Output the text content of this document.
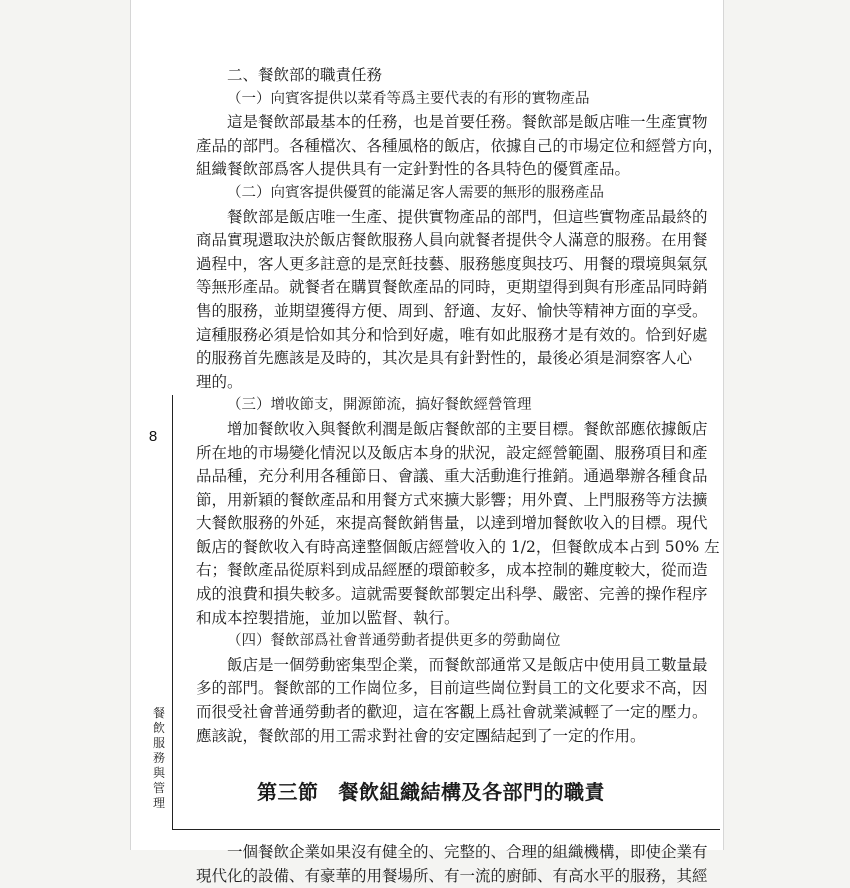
8
餐飲服務與管理
二、餐飲部的職責任務
（一）向賓客提供以菜肴等爲主要代表的有形的實物產品
這是餐飲部最基本的任務，也是首要任務。餐飲部是飯店唯一生產實物
產品的部門。各種檔次、各種風格的飯店，依據自己的市場定位和經營方向，
組織餐飲部爲客人提供具有一定針對性的各具特色的優質產品。
（二）向賓客提供優質的能滿足客人需要的無形的服務產品
餐飲部是飯店唯一生產、提供實物產品的部門，但這些實物產品最終的
商品實現還取決於飯店餐飲服務人員向就餐者提供令人滿意的服務。在用餐
過程中，客人更多註意的是烹飪技藝、服務態度與技巧、用餐的環境與氣氛
等無形產品。就餐者在購買餐飲產品的同時，更期望得到與有形產品同時銷
售的服務，並期望獲得方便、周到、舒適、友好、愉快等精神方面的享受。
這種服務必須是恰如其分和恰到好處，唯有如此服務才是有效的。恰到好處
的服務首先應該是及時的，其次是具有針對性的，最後必須是洞察客人心
理的。
（三）增收節支，開源節流，搞好餐飲經營管理
增加餐飲收入與餐飲利潤是飯店餐飲部的主要目標。餐飲部應依據飯店
所在地的市場變化情況以及飯店本身的狀況，設定經營範圍、服務項目和產
品品種，充分利用各種節日、會議、重大活動進行推銷。通過舉辦各種食品
節，用新穎的餐飲產品和用餐方式來擴大影響；用外賣、上門服務等方法擴
大餐飲服務的外延，來提高餐飲銷售量，以達到增加餐飲收入的目標。現代
飯店的餐飲收入有時高達整個飯店經營收入的 1/2，但餐飲成本占到 50% 左
右；餐飲產品從原料到成品經歷的環節較多，成本控制的難度較大，從而造
成的浪費和損失較多。這就需要餐飲部製定出科學、嚴密、完善的操作程序
和成本控製措施，並加以監督、執行。
（四）餐飲部爲社會普通勞動者提供更多的勞動崗位
飯店是一個勞動密集型企業，而餐飲部通常又是飯店中使用員工數量最
多的部門。餐飲部的工作崗位多，目前這些崗位對員工的文化要求不高，因
而很受社會普通勞動者的歡迎，這在客觀上爲社會就業減輕了一定的壓力。
應該說，餐飲部的用工需求對社會的安定團結起到了一定的作用。
第三節 餐飲組織結構及各部門的職責
一個餐飲企業如果沒有健全的、完整的、合理的組織機構，即使企業有
現代化的設備、有豪華的用餐場所、有一流的廚師、有高水平的服務，其經
